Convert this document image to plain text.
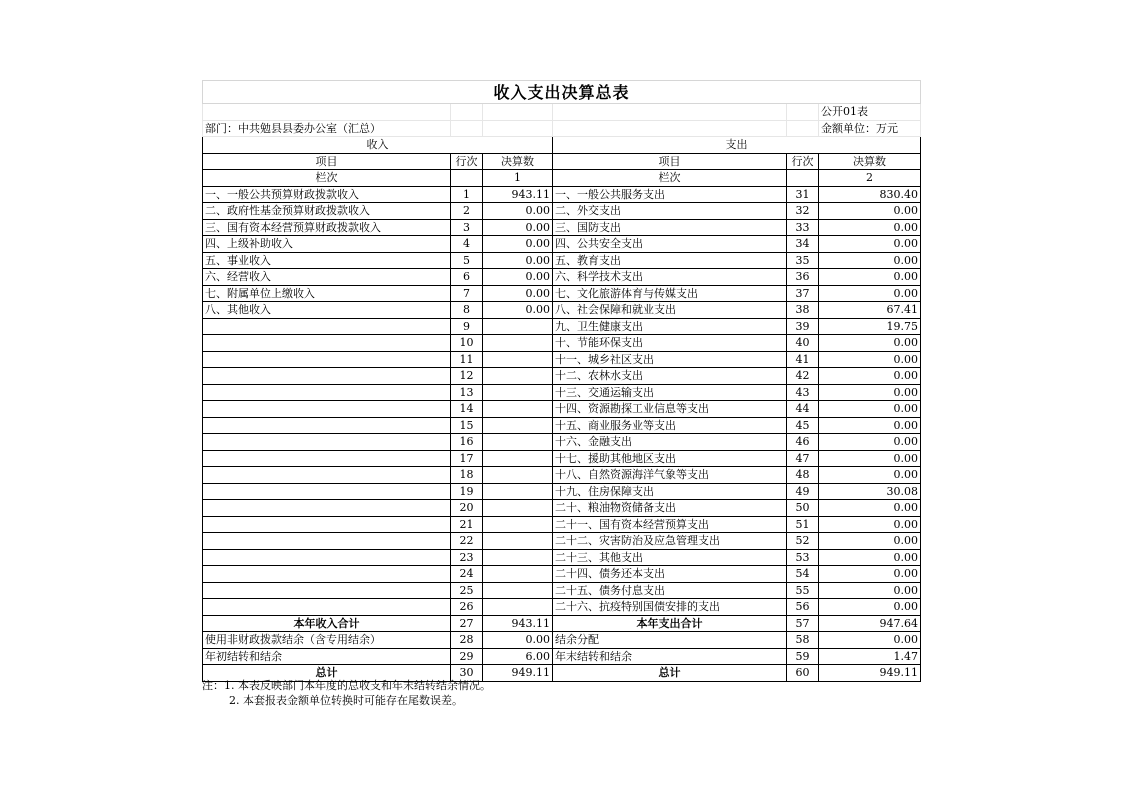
收入支出决算总表					
					公开01表
部门：中共勉县县委办公室（汇总）					金额单位：万元
收入			支出		
项目	行次	决算数	项目	行次	决算数
栏次		1	栏次		2
一、一般公共预算财政拨款收入	1	943.11	一、一般公共服务支出	31	830.40
二、政府性基金预算财政拨款收入	2	0.00	二、外交支出	32	0.00
三、国有资本经营预算财政拨款收入	3	0.00	三、国防支出	33	0.00
四、上级补助收入	4	0.00	四、公共安全支出	34	0.00
五、事业收入	5	0.00	五、教育支出	35	0.00
六、经营收入	6	0.00	六、科学技术支出	36	0.00
七、附属单位上缴收入	7	0.00	七、文化旅游体育与传媒支出	37	0.00
八、其他收入	8	0.00	八、社会保障和就业支出	38	67.41
	9		九、卫生健康支出	39	19.75
	10		十、节能环保支出	40	0.00
	11		十一、城乡社区支出	41	0.00
	12		十二、农林水支出	42	0.00
	13		十三、交通运输支出	43	0.00
	14		十四、资源勘探工业信息等支出	44	0.00
	15		十五、商业服务业等支出	45	0.00
	16		十六、金融支出	46	0.00
	17		十七、援助其他地区支出	47	0.00
	18		十八、自然资源海洋气象等支出	48	0.00
	19		十九、住房保障支出	49	30.08
	20		二十、粮油物资储备支出	50	0.00
	21		二十一、国有资本经营预算支出	51	0.00
	22		二十二、灾害防治及应急管理支出	52	0.00
	23		二十三、其他支出	53	0.00
	24		二十四、债务还本支出	54	0.00
	25		二十五、债务付息支出	55	0.00
	26		二十六、抗疫特别国债安排的支出	56	0.00
本年收入合计	27	943.11	本年支出合计	57	947.64
使用非财政拨款结余（含专用结余）	28	0.00	结余分配	58	0.00
年初结转和结余	29	6.00	年末结转和结余	59	1.47
总计	30	949.11	总计	60	949.11
注：1. 本表反映部门本年度的总收支和年末结转结余情况。
2. 本套报表金额单位转换时可能存在尾数误差。
